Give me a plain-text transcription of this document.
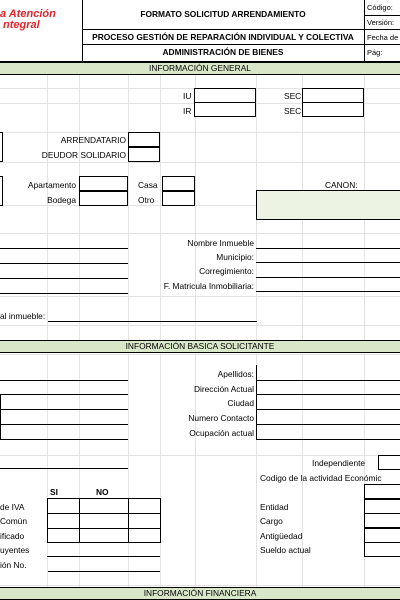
a Atención
ntegral
FORMATO SOLICITUD ARRENDAMIENTO
PROCESO GESTIÓN DE REPARACIÓN INDIVIDUAL Y COLECTIVA
ADMINISTRACIÓN DE BIENES
Código:
Versión:
Fecha de
Pág:
INFORMACIÓN GENERAL
IU
IR
SEC
SEC
ARRENDATARIO
DEUDOR SOLIDARIO
Apartamento
Bodega
Casa
Otro
CANON:
Nombre Inmueble
Municipio:
Corregimiento:
F. Matricula Inmobiliaria:
al inmueble:
INFORMACIÓN BASICA SOLICITANTE
Apellidos:
Dirección Actual
Ciudad
Numero Contacto
Ocupación actual
Independiente
Codigo de la actividad Económic
SI	NO
de IVA
Común
ificado
uyentes
ión No.
Entidad
Cargo
Antigüedad
Sueldo actual
INFORMACIÓN FINANCIERA
